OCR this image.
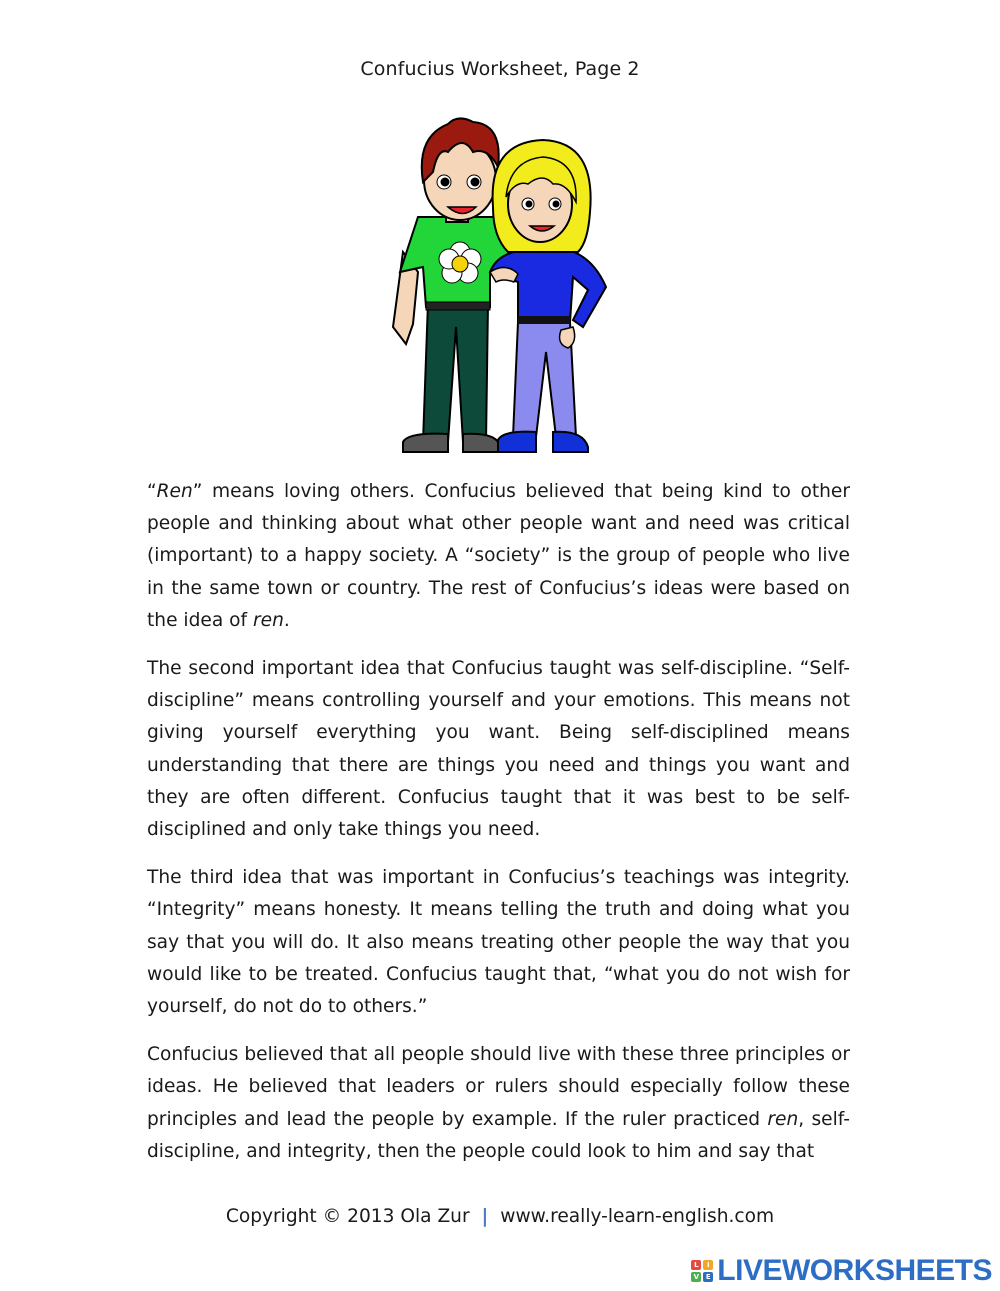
Confucius Worksheet, Page 2

“Ren” means loving others. Confucius believed that being kind to other people and thinking about what other people want and need was critical (important) to a happy society. A “society” is the group of people who live in the same town or country. The rest of Confucius’s ideas were based on the idea of ren.

The second important idea that Confucius taught was self-discipline. “Self-discipline” means controlling yourself and your emotions. This means not giving yourself everything you want. Being self-disciplined means understanding that there are things you need and things you want and they are often different. Confucius taught that it was best to be self-disciplined and only take things you need.

The third idea that was important in Confucius’s teachings was integrity. “Integrity” means honesty. It means telling the truth and doing what you say that you will do. It also means treating other people the way that you would like to be treated. Confucius taught that, “what you do not wish for yourself, do not do to others.”

Confucius believed that all people should live with these three principles or ideas. He believed that leaders or rulers should especially follow these principles and lead the people by example. If the ruler practiced ren, self-discipline, and integrity, then the people could look to him and say that

Copyright © 2013 Ola Zur | www.really-learn-english.com
L	I
V E LIVEWORKSHEETS
